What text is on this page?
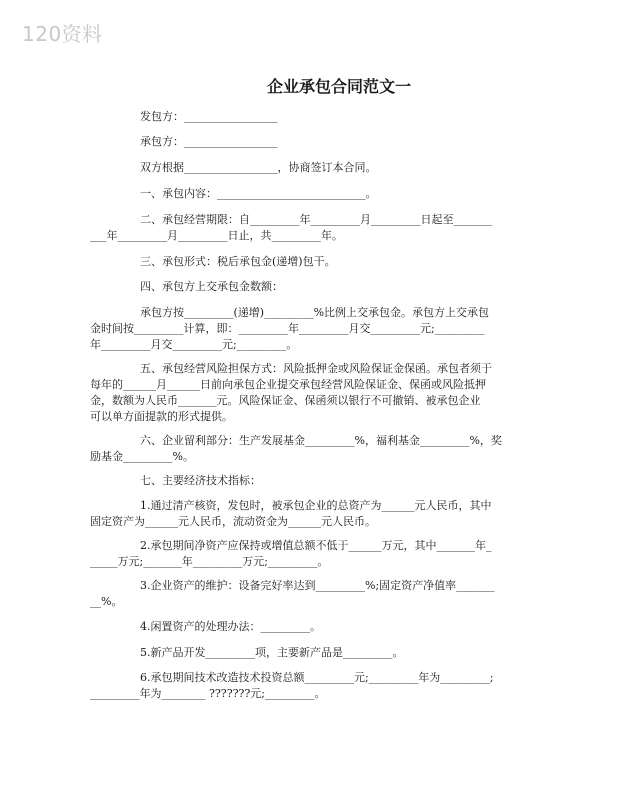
120资料
企业承包合同范文一
发包方：_________________
承包方：_________________
双方根据_________________，协商签订本合同。
一、承包内容：___________________________。
二、承包经营期限：自_________年_________月_________日起至_______
___年_________月_________日止，共_________年。
三、承包形式：税后承包金(递增)包干。
四、承包方上交承包金数额：
承包方按_________(递增)_________%比例上交承包金。承包方上交承包
金时间按_________计算，即：_________年_________月交_________元;_________
年_________月交_________元;_________。
五、承包经营风险担保方式：风险抵押金或风险保证金保函。承包者须于
每年的______月______日前向承包企业提交承包经营风险保证金、保函或风险抵押
金，数额为人民币_______元。风险保证金、保函须以银行不可撤销、被承包企业
可以单方面提款的形式提供。
六、企业留利部分：生产发展基金_________%，福利基金_________%，奖
励基金_________%。
七、主要经济技术指标：
1.通过清产核资，发包时，被承包企业的总资产为______元人民币，其中
固定资产为______元人民币，流动资金为______元人民币。
2.承包期间净资产应保持或增值总额不低于______万元，其中_______年_
_____万元;_______年_________万元;_________。
3.企业资产的维护：设备完好率达到_________%;固定资产净值率_______
__%。
4.闲置资产的处理办法：_________。
5.新产品开发_________项，主要新产品是_________。
6.承包期间技术改造技术投资总额_________元;_________年为_________;
_________年为________ ???????元;_________。
